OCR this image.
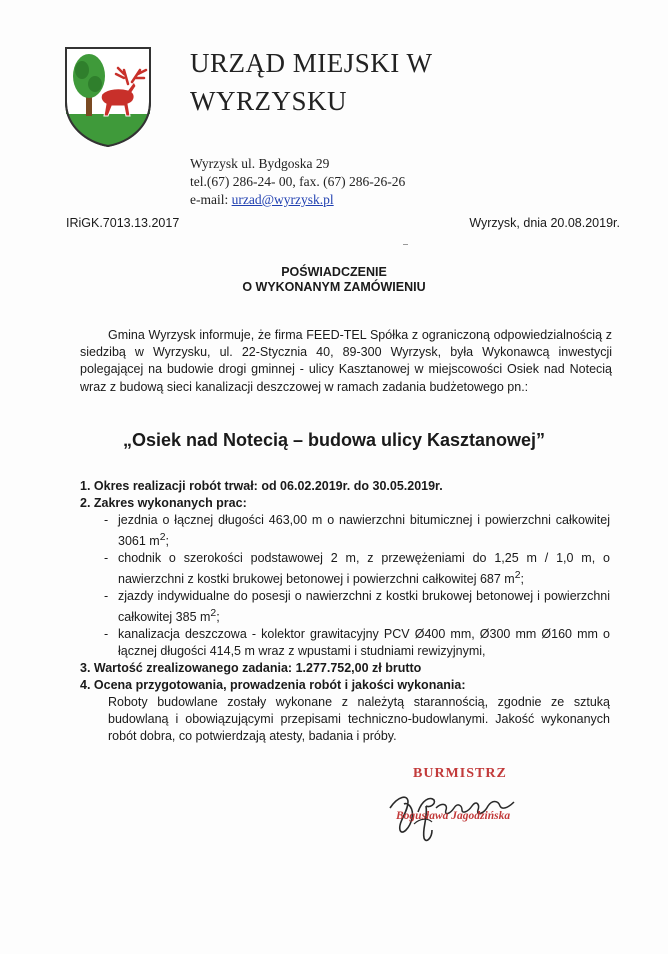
URZĄD MIEJSKI W
WYRZYSKU
Wyrzysk ul. Bydgoska 29
tel.(67) 286-24- 00, fax. (67) 286-26-26
e-mail: urzad@wyrzysk.pl
IRiGK.7013.13.2017	Wyrzysk, dnia 20.08.2019r.
POŚWIADCZENIE
O WYKONANYM ZAMÓWIENIU
Gmina Wyrzysk informuje, że firma FEED-TEL Spółka z ograniczoną odpowiedzialnością z siedzibą w Wyrzysku, ul. 22-Stycznia 40, 89-300 Wyrzysk, była Wykonawcą inwestycji polegającej na budowie drogi gminnej - ulicy Kasztanowej w miejscowości Osiek nad Notecią wraz z budową sieci kanalizacji deszczowej w ramach zadania budżetowego pn.:
„Osiek nad Notecią – budowa ulicy Kasztanowej”
1. Okres realizacji robót trwał: od 06.02.2019r. do 30.05.2019r.
2. Zakres wykonanych prac:
- jezdnia o łącznej długości 463,00 m o nawierzchni bitumicznej i powierzchni całkowitej 3061 $m^2$;
- chodnik o szerokości podstawowej 2 m, z przewężeniami do 1,25 m / 1,0 m, o nawierzchni z kostki brukowej betonowej i powierzchni całkowitej 687 $m^2$;
- zjazdy indywidualne do posesji o nawierzchni z kostki brukowej betonowej i powierzchni całkowitej 385 $m^2$;
- kanalizacja deszczowa - kolektor grawitacyjny PCV Ø400 mm, Ø300 mm Ø160 mm o łącznej długości 414,5 m wraz z wpustami i studniami rewizyjnymi,
3. Wartość zrealizowanego zadania: 1.277.752,00 zł brutto
4. Ocena przygotowania, prowadzenia robót i jakości wykonania:
Roboty budowlane zostały wykonane z należytą starannością, zgodnie ze sztuką budowlaną i obowiązującymi przepisami techniczno-budowlanymi. Jakość wykonanych robót dobra, co potwierdzają atesty, badania i próby.
BURMISTRZ
Bogusława Jagodzińska
